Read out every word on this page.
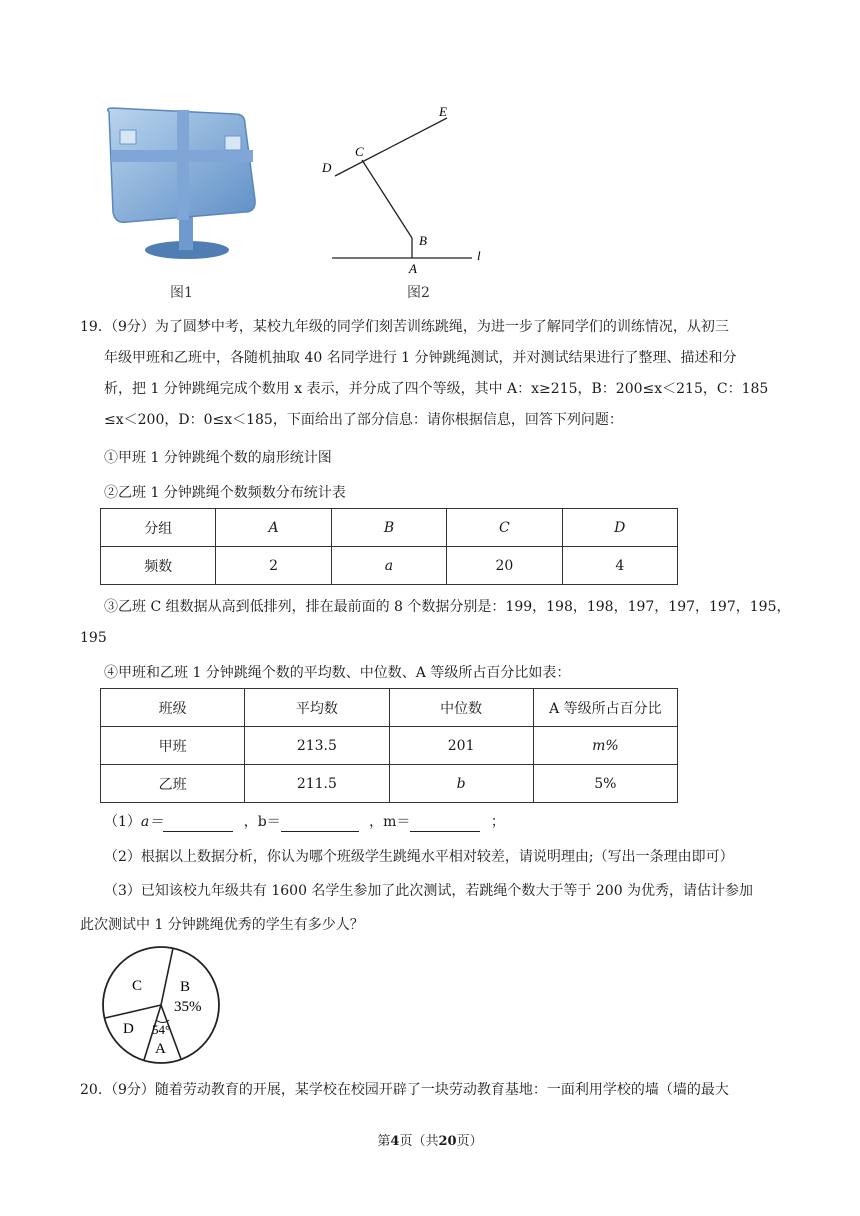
图1
E
C
D
B
A
l
图2
19. （9分）为了圆梦中考，某校九年级的同学们刻苦训练跳绳，为进一步了解同学们的训练情况，从初三
年级甲班和乙班中，各随机抽取 40 名同学进行 1 分钟跳绳测试，并对测试结果进行了整理、描述和分
析，把 1 分钟跳绳完成个数用 x 表示，并分成了四个等级，其中 A：x≥215，B：200≤x＜215，C：185
≤x＜200，D：0≤x＜185，下面给出了部分信息：请你根据信息，回答下列问题：
①甲班 1 分钟跳绳个数的扇形统计图
②乙班 1 分钟跳绳个数频数分布统计表
分组	A	B	C	D
频数	2	a	20	4
③乙班 C 组数据从高到低排列，排在最前面的 8 个数据分别是：199，198，198，197，197，197，195，
195
④甲班和乙班 1 分钟跳绳个数的平均数、中位数、A 等级所占百分比如表：
班级	平均数	中位数	A 等级所占百分比
甲班	213.5	201	m%
乙班	211.5	b	5%
（1）a＝	，b＝	，m＝	；
（2）根据以上数据分析，你认为哪个班级学生跳绳水平相对较差，请说明理由;（写出一条理由即可）
（3）已知该校九年级共有 1600 名学生参加了此次测试，若跳绳个数大于等于 200 为优秀，请估计参加
此次测试中 1 分钟跳绳优秀的学生有多少人？
C	B
35%
D 54°
A
20. （9分）随着劳动教育的开展，某学校在校园开辟了一块劳动教育基地：一面利用学校的墙（墙的最大
第4页（共20页）
